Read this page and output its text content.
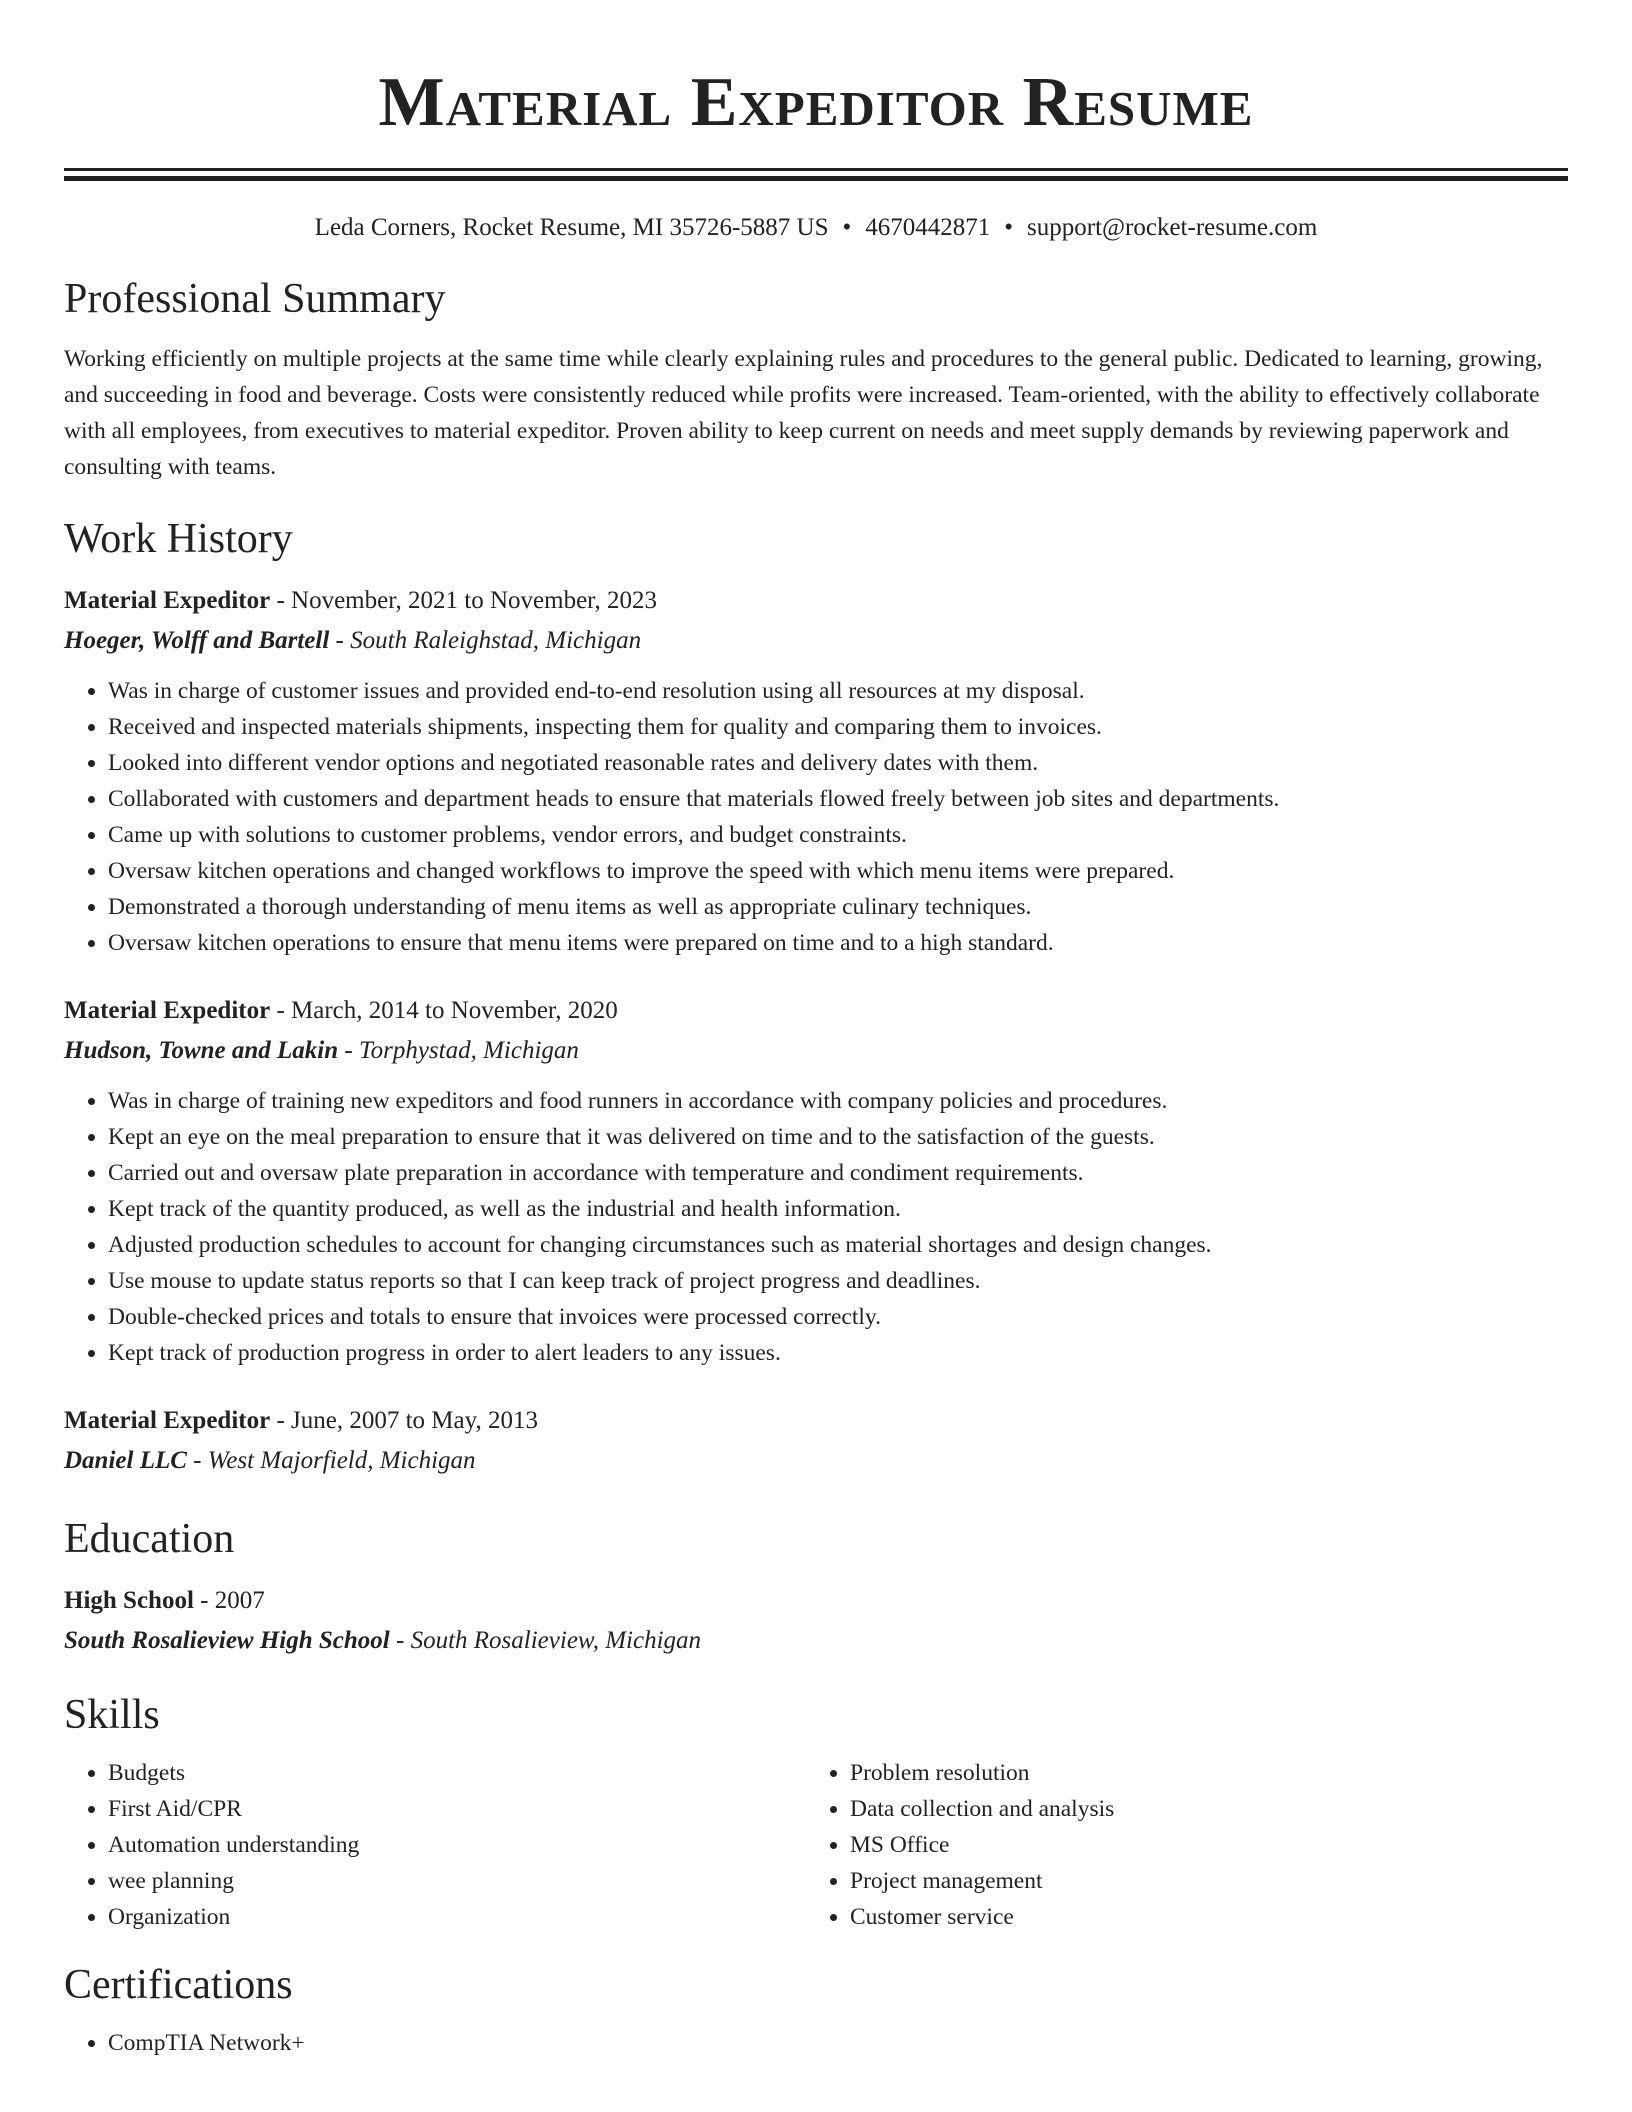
Material Expeditor Resume
Leda Corners, Rocket Resume, MI 35726-5887 US • 4670442871 • support@rocket-resume.com
Professional Summary

Working efficiently on multiple projects at the same time while clearly explaining rules and procedures to the general public. Dedicated to learning, growing, and succeeding in food and beverage. Costs were consistently reduced while profits were increased. Team-oriented, with the ability to effectively collaborate with all employees, from executives to material expeditor. Proven ability to keep current on needs and meet supply demands by reviewing paperwork and consulting with teams.

Work History
Material Expeditor - November, 2021 to November, 2023
Hoeger, Wolff and Bartell - South Raleighstad, Michigan
• Was in charge of customer issues and provided end-to-end resolution using all resources at my disposal.
• Received and inspected materials shipments, inspecting them for quality and comparing them to invoices.
• Looked into different vendor options and negotiated reasonable rates and delivery dates with them.
• Collaborated with customers and department heads to ensure that materials flowed freely between job sites and departments.
• Came up with solutions to customer problems, vendor errors, and budget constraints.
• Oversaw kitchen operations and changed workflows to improve the speed with which menu items were prepared.
• Demonstrated a thorough understanding of menu items as well as appropriate culinary techniques.
• Oversaw kitchen operations to ensure that menu items were prepared on time and to a high standard.
Material Expeditor - March, 2014 to November, 2020
Hudson, Towne and Lakin - Torphystad, Michigan
• Was in charge of training new expeditors and food runners in accordance with company policies and procedures.
• Kept an eye on the meal preparation to ensure that it was delivered on time and to the satisfaction of the guests.
• Carried out and oversaw plate preparation in accordance with temperature and condiment requirements.
• Kept track of the quantity produced, as well as the industrial and health information.
• Adjusted production schedules to account for changing circumstances such as material shortages and design changes.
• Use mouse to update status reports so that I can keep track of project progress and deadlines.
• Double-checked prices and totals to ensure that invoices were processed correctly.
• Kept track of production progress in order to alert leaders to any issues.
Material Expeditor - June, 2007 to May, 2013
Daniel LLC - West Majorfield, Michigan
Education
High School - 2007
South Rosalieview High School - South Rosalieview, Michigan
Skills
• Budgets
• First Aid/CPR
• Automation understanding
• wee planning
• Organization
• Problem resolution
• Data collection and analysis
• MS Office
• Project management
• Customer service
Certifications
• CompTIA Network+
